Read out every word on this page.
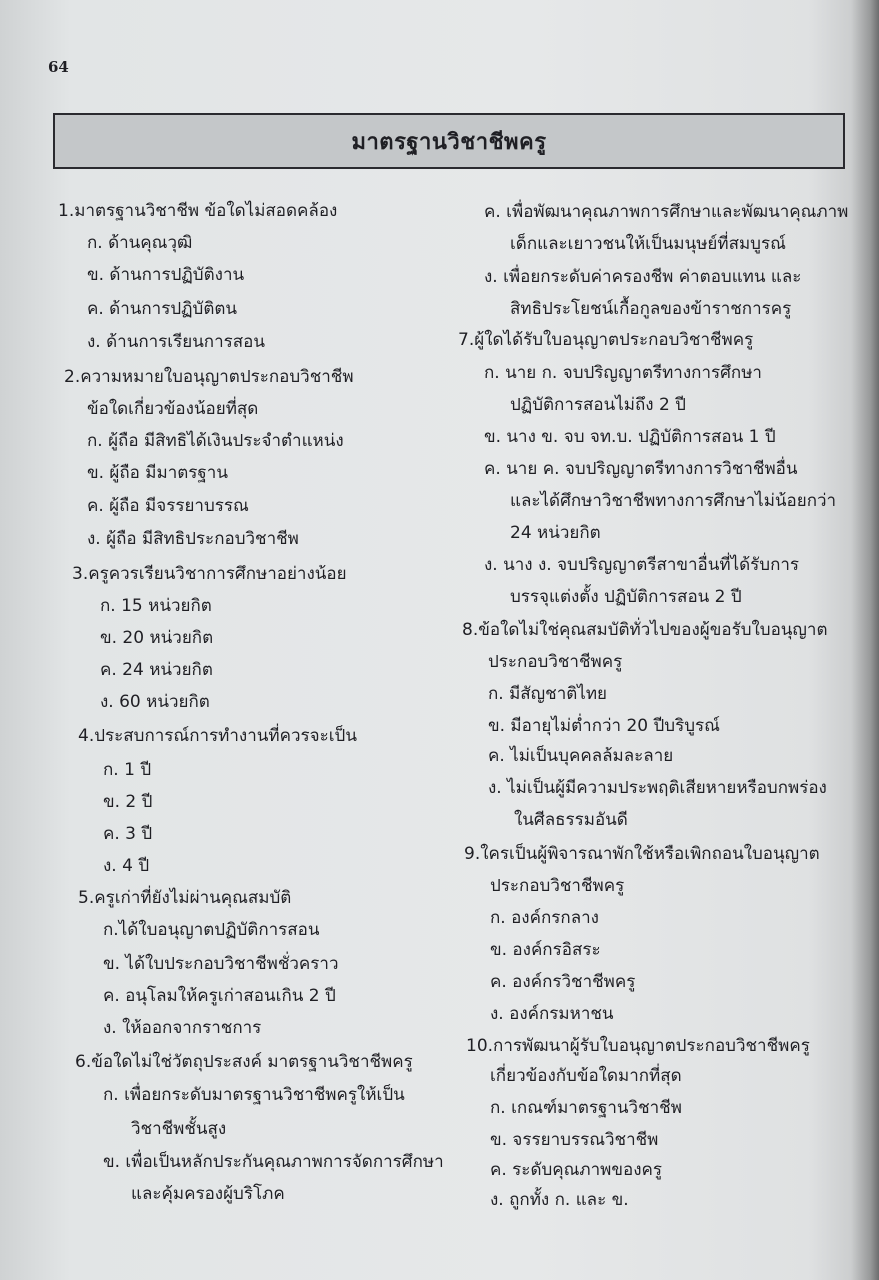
64
มาตรฐานวิชาชีพครู
1.มาตรฐานวิชาชีพ ข้อใดไม่สอดคล้อง
ก. ด้านคุณวุฒิ
ข. ด้านการปฏิบัติงาน
ค. ด้านการปฏิบัติตน
ง. ด้านการเรียนการสอน
2.ความหมายใบอนุญาตประกอบวิชาชีพ
ข้อใดเกี่ยวข้องน้อยที่สุด
ก. ผู้ถือ มีสิทธิได้เงินประจำตำแหน่ง
ข. ผู้ถือ มีมาตรฐาน
ค. ผู้ถือ มีจรรยาบรรณ
ง. ผู้ถือ มีสิทธิประกอบวิชาชีพ
3.ครูควรเรียนวิชาการศึกษาอย่างน้อย
ก. 15 หน่วยกิต
ข. 20 หน่วยกิต
ค. 24 หน่วยกิต
ง. 60 หน่วยกิต
4.ประสบการณ์การทำงานที่ควรจะเป็น
ก. 1 ปี
ข. 2 ปี
ค. 3 ปี
ง. 4 ปี
5.ครูเก่าที่ยังไม่ผ่านคุณสมบัติ
ก.ได้ใบอนุญาตปฏิบัติการสอน
ข. ได้ใบประกอบวิชาชีพชั่วคราว
ค. อนุโลมให้ครูเก่าสอนเกิน 2 ปี
ง. ให้ออกจากราชการ
6.ข้อใดไม่ใช่วัตถุประสงค์ มาตรฐานวิชาชีพครู
ก. เพื่อยกระดับมาตรฐานวิชาชีพครูให้เป็น
วิชาชีพชั้นสูง
ข. เพื่อเป็นหลักประกันคุณภาพการจัดการศึกษา
และคุ้มครองผู้บริโภค
ค. เพื่อพัฒนาคุณภาพการศึกษาและพัฒนาคุณภาพ
เด็กและเยาวชนให้เป็นมนุษย์ที่สมบูรณ์
ง. เพื่อยกระดับค่าครองชีพ ค่าตอบแทน และ
สิทธิประโยชน์เกื้อกูลของข้าราชการครู
7.ผู้ใดได้รับใบอนุญาตประกอบวิชาชีพครู
ก. นาย ก. จบปริญญาตรีทางการศึกษา
ปฏิบัติการสอนไม่ถึง 2 ปี
ข. นาง ข. จบ จท.บ. ปฏิบัติการสอน 1 ปี
ค. นาย ค. จบปริญญาตรีทางการวิชาชีพอื่น
และได้ศึกษาวิชาชีพทางการศึกษาไม่น้อยกว่า
24 หน่วยกิต
ง. นาง ง. จบปริญญาตรีสาขาอื่นที่ได้รับการ
บรรจุแต่งตั้ง ปฏิบัติการสอน 2 ปี
8.ข้อใดไม่ใช่คุณสมบัติทั่วไปของผู้ขอรับใบอนุญาต
ประกอบวิชาชีพครู
ก. มีสัญชาติไทย
ข. มีอายุไม่ต่ำกว่า 20 ปีบริบูรณ์
ค. ไม่เป็นบุคคลล้มละลาย
ง. ไม่เป็นผู้มีความประพฤติเสียหายหรือบกพร่อง
ในศีลธรรมอันดี
9.ใครเป็นผู้พิจารณาพักใช้หรือเพิกถอนใบอนุญาต
ประกอบวิชาชีพครู
ก. องค์กรกลาง
ข. องค์กรอิสระ
ค. องค์กรวิชาชีพครู
ง. องค์กรมหาชน
10.การพัฒนาผู้รับใบอนุญาตประกอบวิชาชีพครู
เกี่ยวข้องกับข้อใดมากที่สุด
ก. เกณฑ์มาตรฐานวิชาชีพ
ข. จรรยาบรรณวิชาชีพ
ค. ระดับคุณภาพของครู
ง. ถูกทั้ง ก. และ ข.
